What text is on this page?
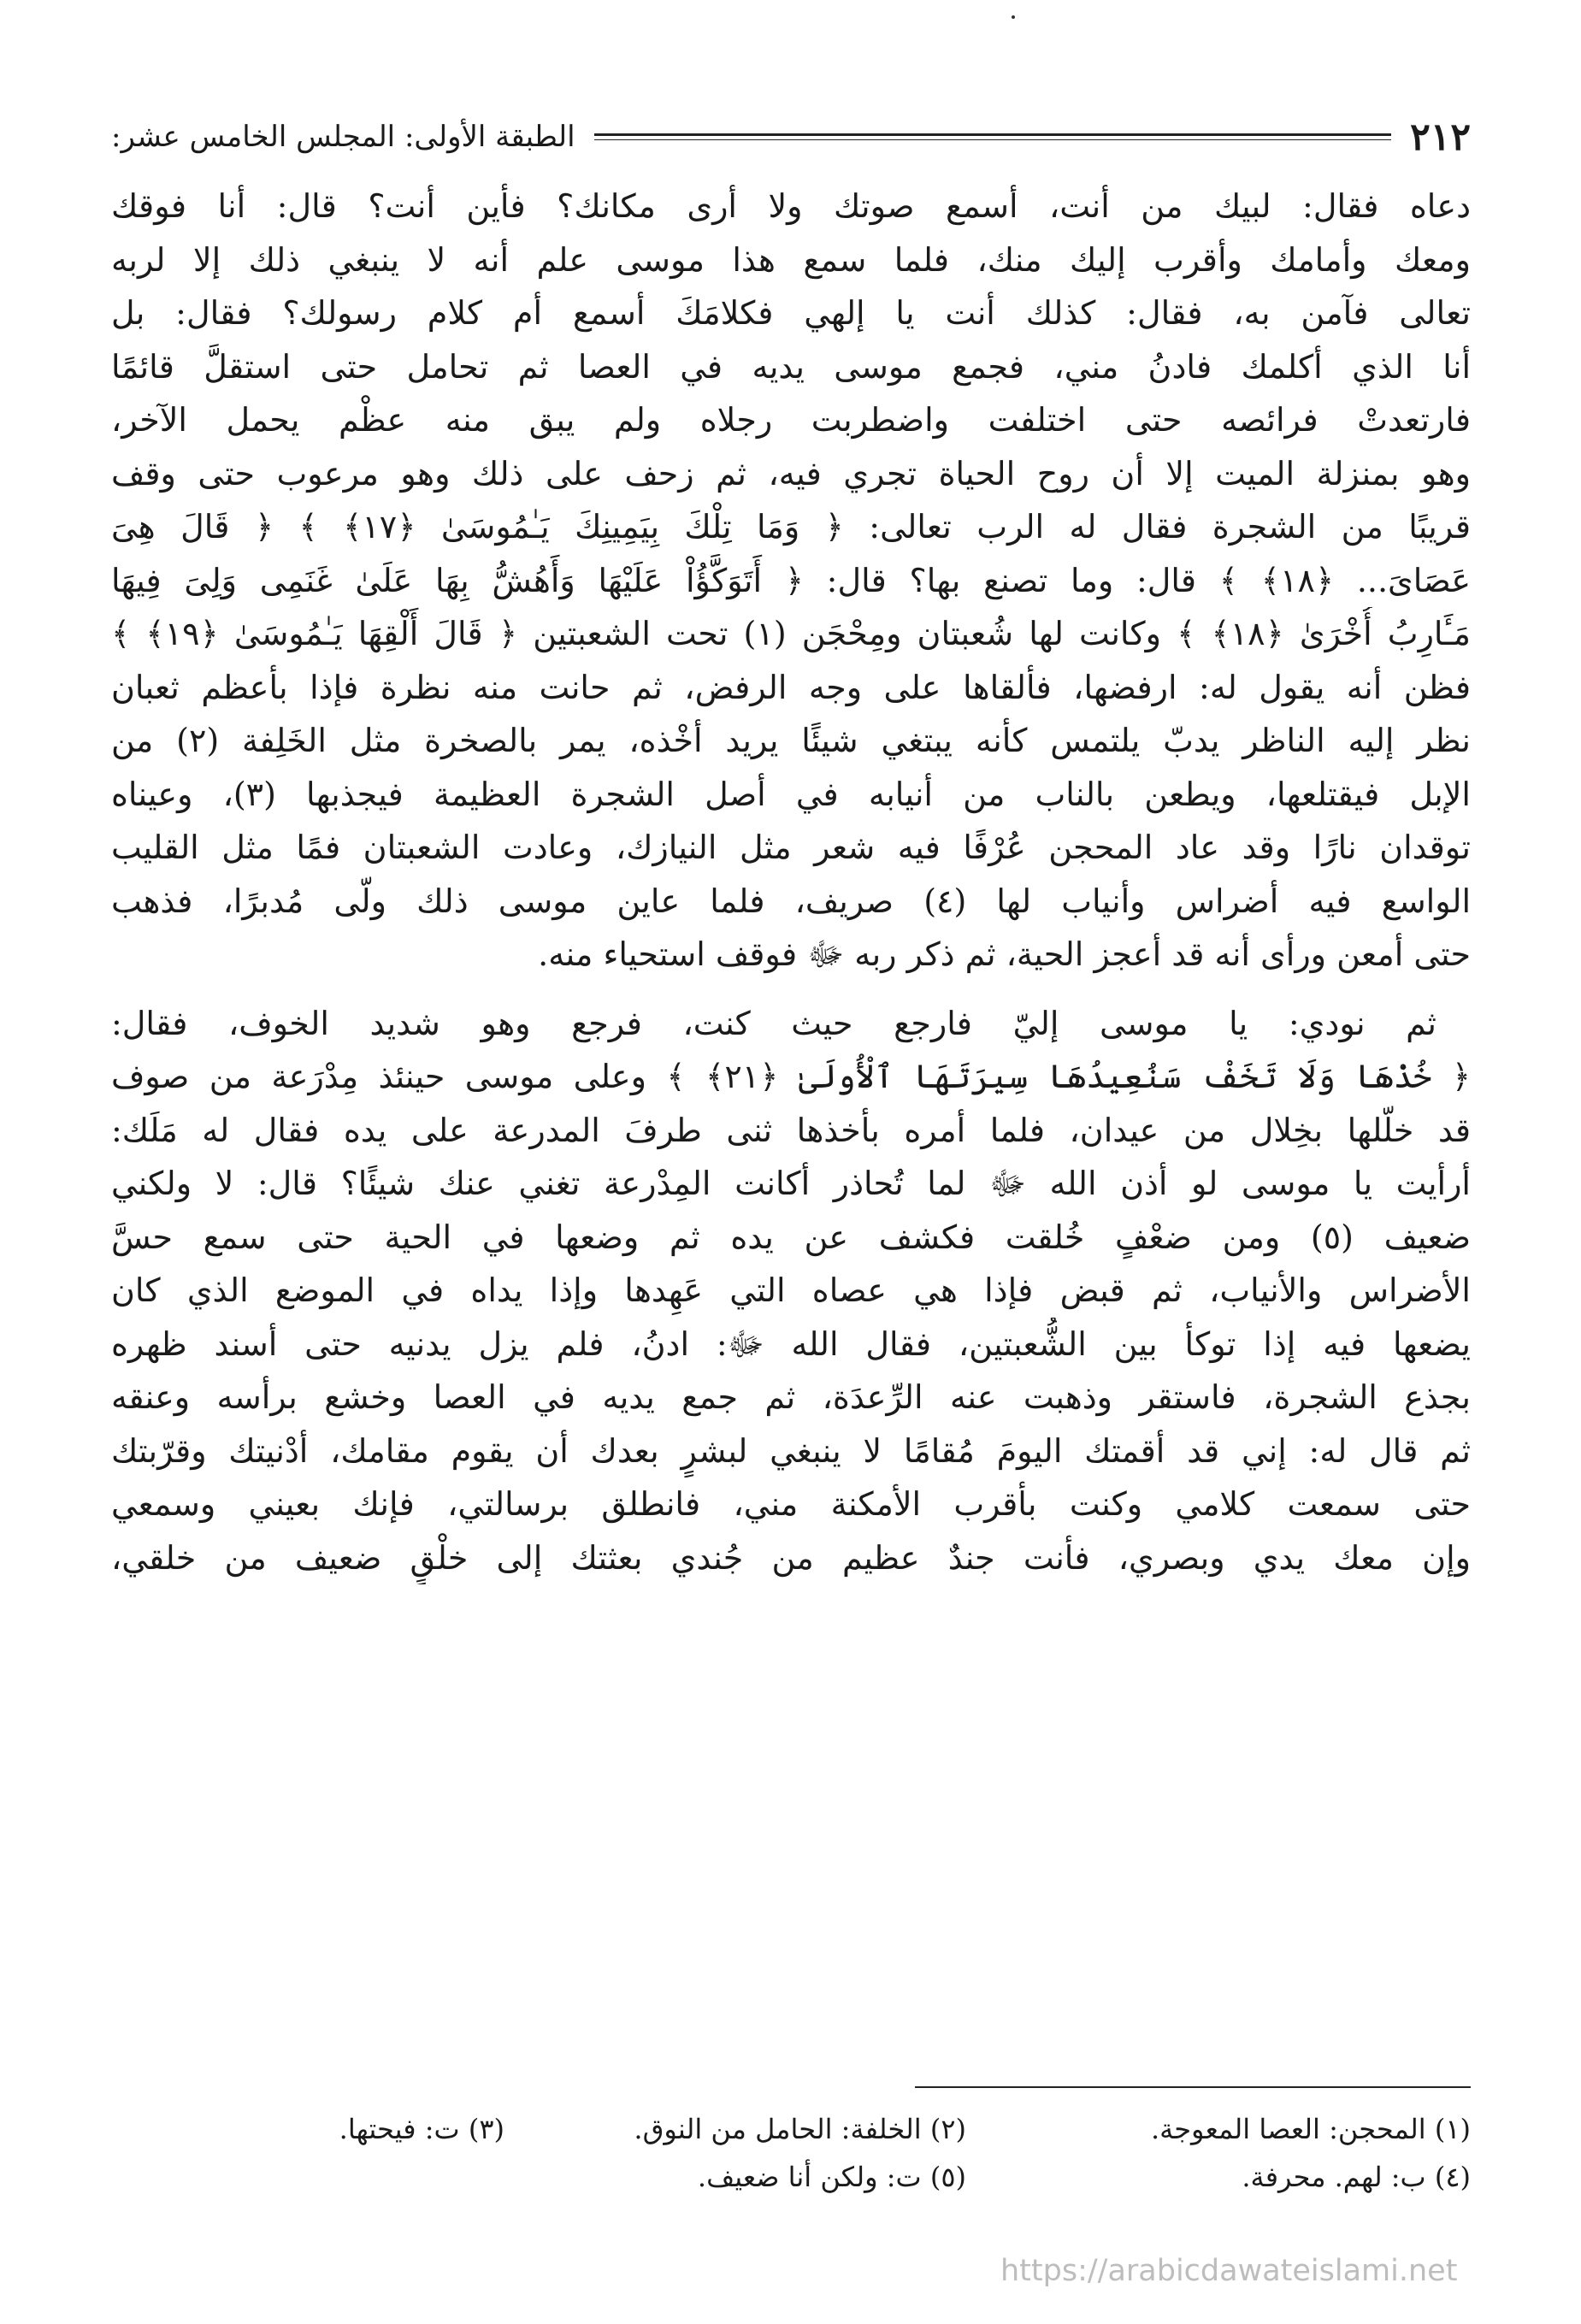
٢١٢
الطبقة الأولى: المجلس الخامس عشر:
دعاه فقال: لبيك من أنت، أسمع صوتك ولا أرى مكانك؟ فأين أنت؟ قال: أنا فوقك
ومعك وأمامك وأقرب إليك منك، فلما سمع هذا موسى علم أنه لا ينبغي ذلك إلا لربه
تعالى فآمن به، فقال: كذلك أنت يا إلهي فكلامَكَ أسمع أم كلام رسولك؟ فقال: بل
أنا الذي أكلمك فادنُ مني، فجمع موسى يديه في العصا ثم تحامل حتى استقلَّ قائمًا
فارتعدتْ فرائصه حتى اختلفت واضطربت رجلاه ولم يبق منه عظْم يحمل الآخر،
وهو بمنزلة الميت إلا أن روح الحياة تجري فيه، ثم زحف على ذلك وهو مرعوب حتى وقف
قريبًا من الشجرة فقال له الرب تعالى: ﴿ وَمَا تِلْكَ بِيَمِينِكَ يَـٰمُوسَىٰ ﴿١٧﴾ ﴾ ﴿ قَالَ هِىَ
عَصَاىَ... ﴿١٨﴾ ﴾ قال: وما تصنع بها؟ قال: ﴿ أَتَوَكَّؤُاْ عَلَيْهَا وَأَهُشُّ بِهَا عَلَىٰ غَنَمِى وَلِىَ فِيهَا
مَـَٔارِبُ أُخْرَىٰ ﴿١٨﴾ ﴾ وكانت لها شُعبتان ومِحْجَن (١) تحت الشعبتين ﴿ قَالَ أَلْقِهَا يَـٰمُوسَىٰ ﴿١٩﴾ ﴾
فظن أنه يقول له: ارفضها، فألقاها على وجه الرفض، ثم حانت منه نظرة فإذا بأعظم ثعبان
نظر إليه الناظر يدبّ يلتمس كأنه يبتغي شيئًا يريد أخْذه، يمر بالصخرة مثل الخَلِفة (٢) من
الإبل فيقتلعها، ويطعن بالناب من أنيابه في أصل الشجرة العظيمة فيجذبها (٣)، وعيناه
توقدان نارًا وقد عاد المحجن عُرْفًا فيه شعر مثل النيازك، وعادت الشعبتان فمًا مثل القليب
الواسع فيه أضراس وأنياب لها (٤) صريف، فلما عاين موسى ذلك ولّى مُدبرًا، فذهب
حتى أمعن ورأى أنه قد أعجز الحية، ثم ذكر ربه ﷻ فوقف استحياء منه.
ثم نودي: يا موسى إليّ فارجع حيث كنت، فرجع وهو شديد الخوف، فقال:
﴿ خُذْهَا وَلَا تَخَفْ سَنُعِيدُهَا سِيرَتَهَا ٱلْأُولَىٰ ﴿٢١﴾ ﴾ وعلى موسى حينئذ مِدْرَعة من صوف
قد خلّلها بخِلال من عيدان، فلما أمره بأخذها ثنى طرفَ المدرعة على يده فقال له مَلَك:
أرأيت يا موسى لو أذن الله ﷻ لما تُحاذر أكانت المِدْرعة تغني عنك شيئًا؟ قال: لا ولكني
ضعيف (٥) ومن ضعْفٍ خُلقت فكشف عن يده ثم وضعها في الحية حتى سمع حسَّ
الأضراس والأنياب، ثم قبض فإذا هي عصاه التي عَهِدها وإذا يداه في الموضع الذي كان
يضعها فيه إذا توكأ بين الشُّعبتين، فقال الله ﷻ: ادنُ، فلم يزل يدنيه حتى أسند ظهره
بجذع الشجرة، فاستقر وذهبت عنه الرِّعدَة، ثم جمع يديه في العصا وخشع برأسه وعنقه
ثم قال له: إني قد أقمتك اليومَ مُقامًا لا ينبغي لبشرٍ بعدك أن يقوم مقامك، أدْنيتك وقرّبتك
حتى سمعت كلامي وكنت بأقرب الأمكنة مني، فانطلق برسالتي، فإنك بعيني وسمعي
وإن معك يدي وبصري، فأنت جندٌ عظيم من جُندي بعثتك إلى خلْقٍ ضعيف من خلقي،
(١) المحجن: العصا المعوجة.
(٢) الخلفة: الحامل من النوق.
(٣) ت: فيحتها.
(٤) ب: لهم. محرفة.
(٥) ت: ولكن أنا ضعيف.
https://arabicdawateislami.net
